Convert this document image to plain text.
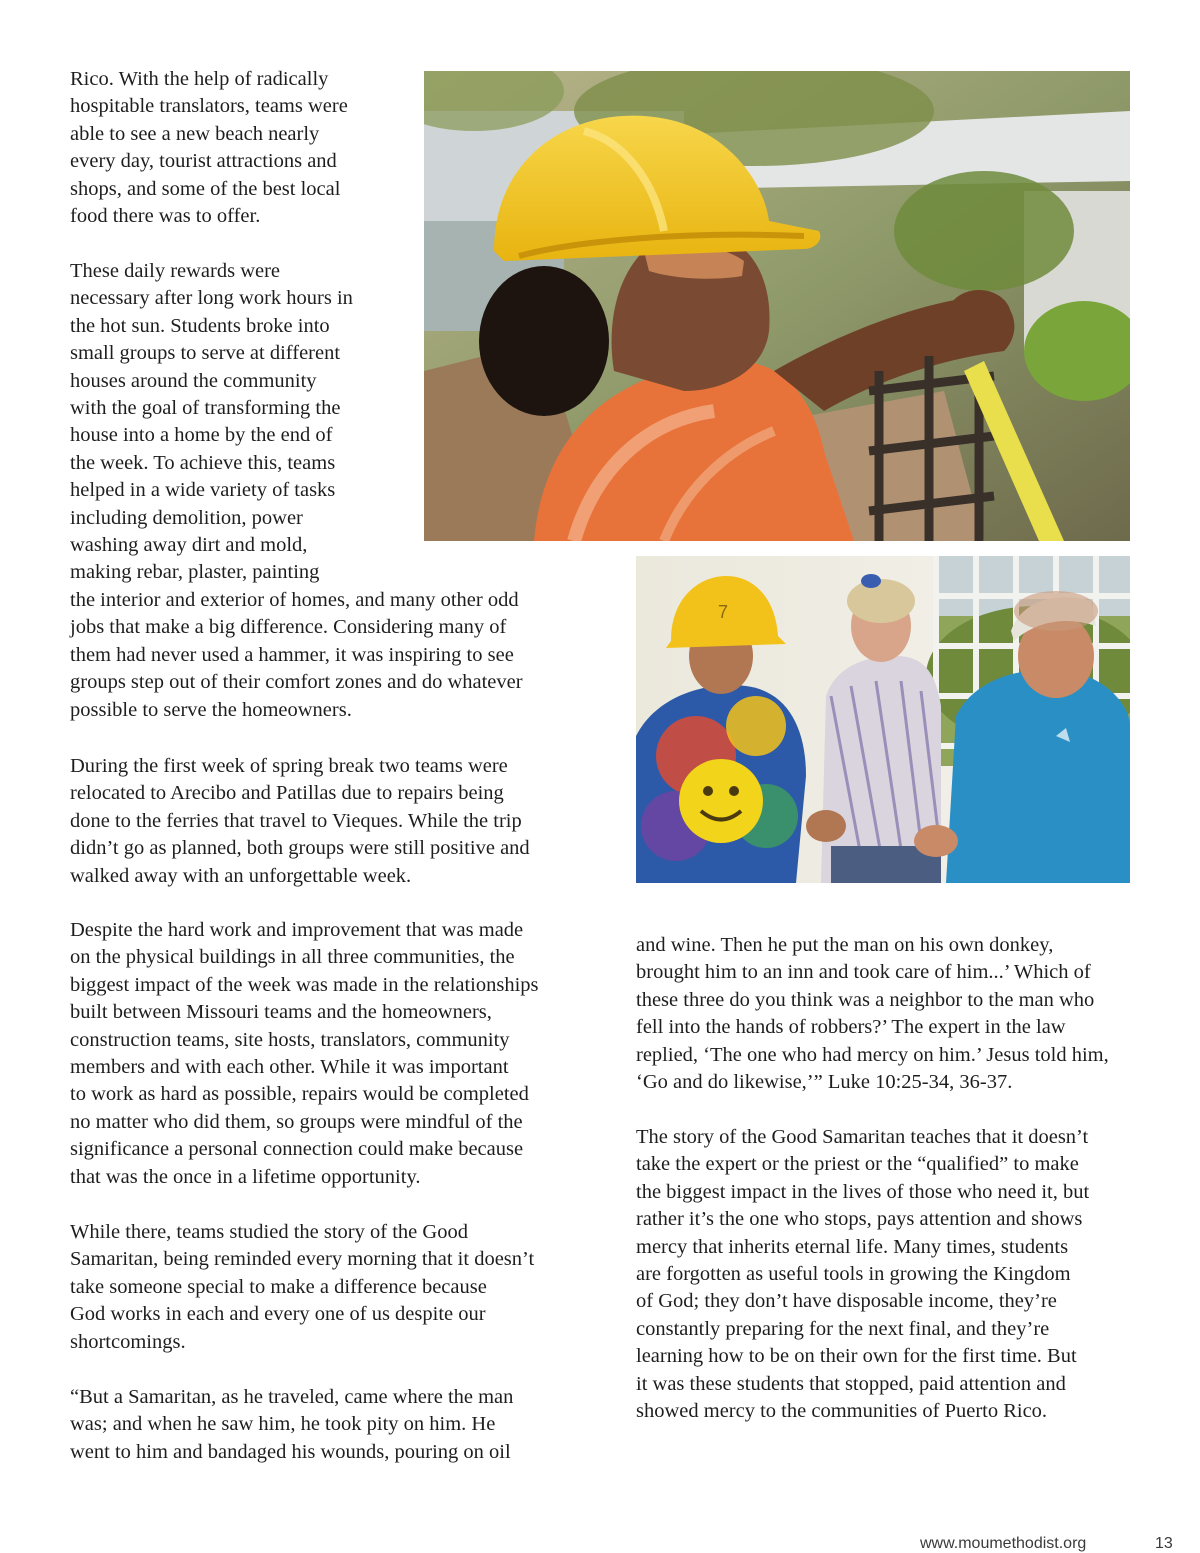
Rico. With the help of radically
hospitable translators, teams were
able to see a new beach nearly
every day, tourist attractions and
shops, and some of the best local
food there was to offer.

These daily rewards were
necessary after long work hours in
the hot sun. Students broke into
small groups to serve at different
houses around the community
with the goal of transforming the
house into a home by the end of
the week. To achieve this, teams
helped in a wide variety of tasks
including demolition, power
washing away dirt and mold,
making rebar, plaster, painting
the interior and exterior of homes, and many other odd
jobs that make a big difference. Considering many of
them had never used a hammer, it was inspiring to see
groups step out of their comfort zones and do whatever
possible to serve the homeowners.

During the first week of spring break two teams were
relocated to Arecibo and Patillas due to repairs being
done to the ferries that travel to Vieques. While the trip
didn’t go as planned, both groups were still positive and
walked away with an unforgettable week.

Despite the hard work and improvement that was made
on the physical buildings in all three communities, the
biggest impact of the week was made in the relationships
built between Missouri teams and the homeowners,
construction teams, site hosts, translators, community
members and with each other. While it was important
to work as hard as possible, repairs would be completed
no matter who did them, so groups were mindful of the
significance a personal connection could make because
that was the once in a lifetime opportunity.

While there, teams studied the story of the Good
Samaritan, being reminded every morning that it doesn’t
take someone special to make a difference because
God works in each and every one of us despite our
shortcomings.

“But a Samaritan, as he traveled, came where the man
was; and when he saw him, he took pity on him. He
went to him and bandaged his wounds, pouring on oil

and wine. Then he put the man on his own donkey,
brought him to an inn and took care of him...’ Which of
these three do you think was a neighbor to the man who
fell into the hands of robbers?’ The expert in the law
replied, ‘The one who had mercy on him.’ Jesus told him,
‘Go and do likewise,’” Luke 10:25-34, 36-37.

The story of the Good Samaritan teaches that it doesn’t
take the expert or the priest or the “qualified” to make
the biggest impact in the lives of those who need it, but
rather it’s the one who stops, pays attention and shows
mercy that inherits eternal life. Many times, students
are forgotten as useful tools in growing the Kingdom
of God; they don’t have disposable income, they’re
constantly preparing for the next final, and they’re
learning how to be on their own for the first time. But
it was these students that stopped, paid attention and
showed mercy to the communities of Puerto Rico.

7
www.moumethodist.org	13
